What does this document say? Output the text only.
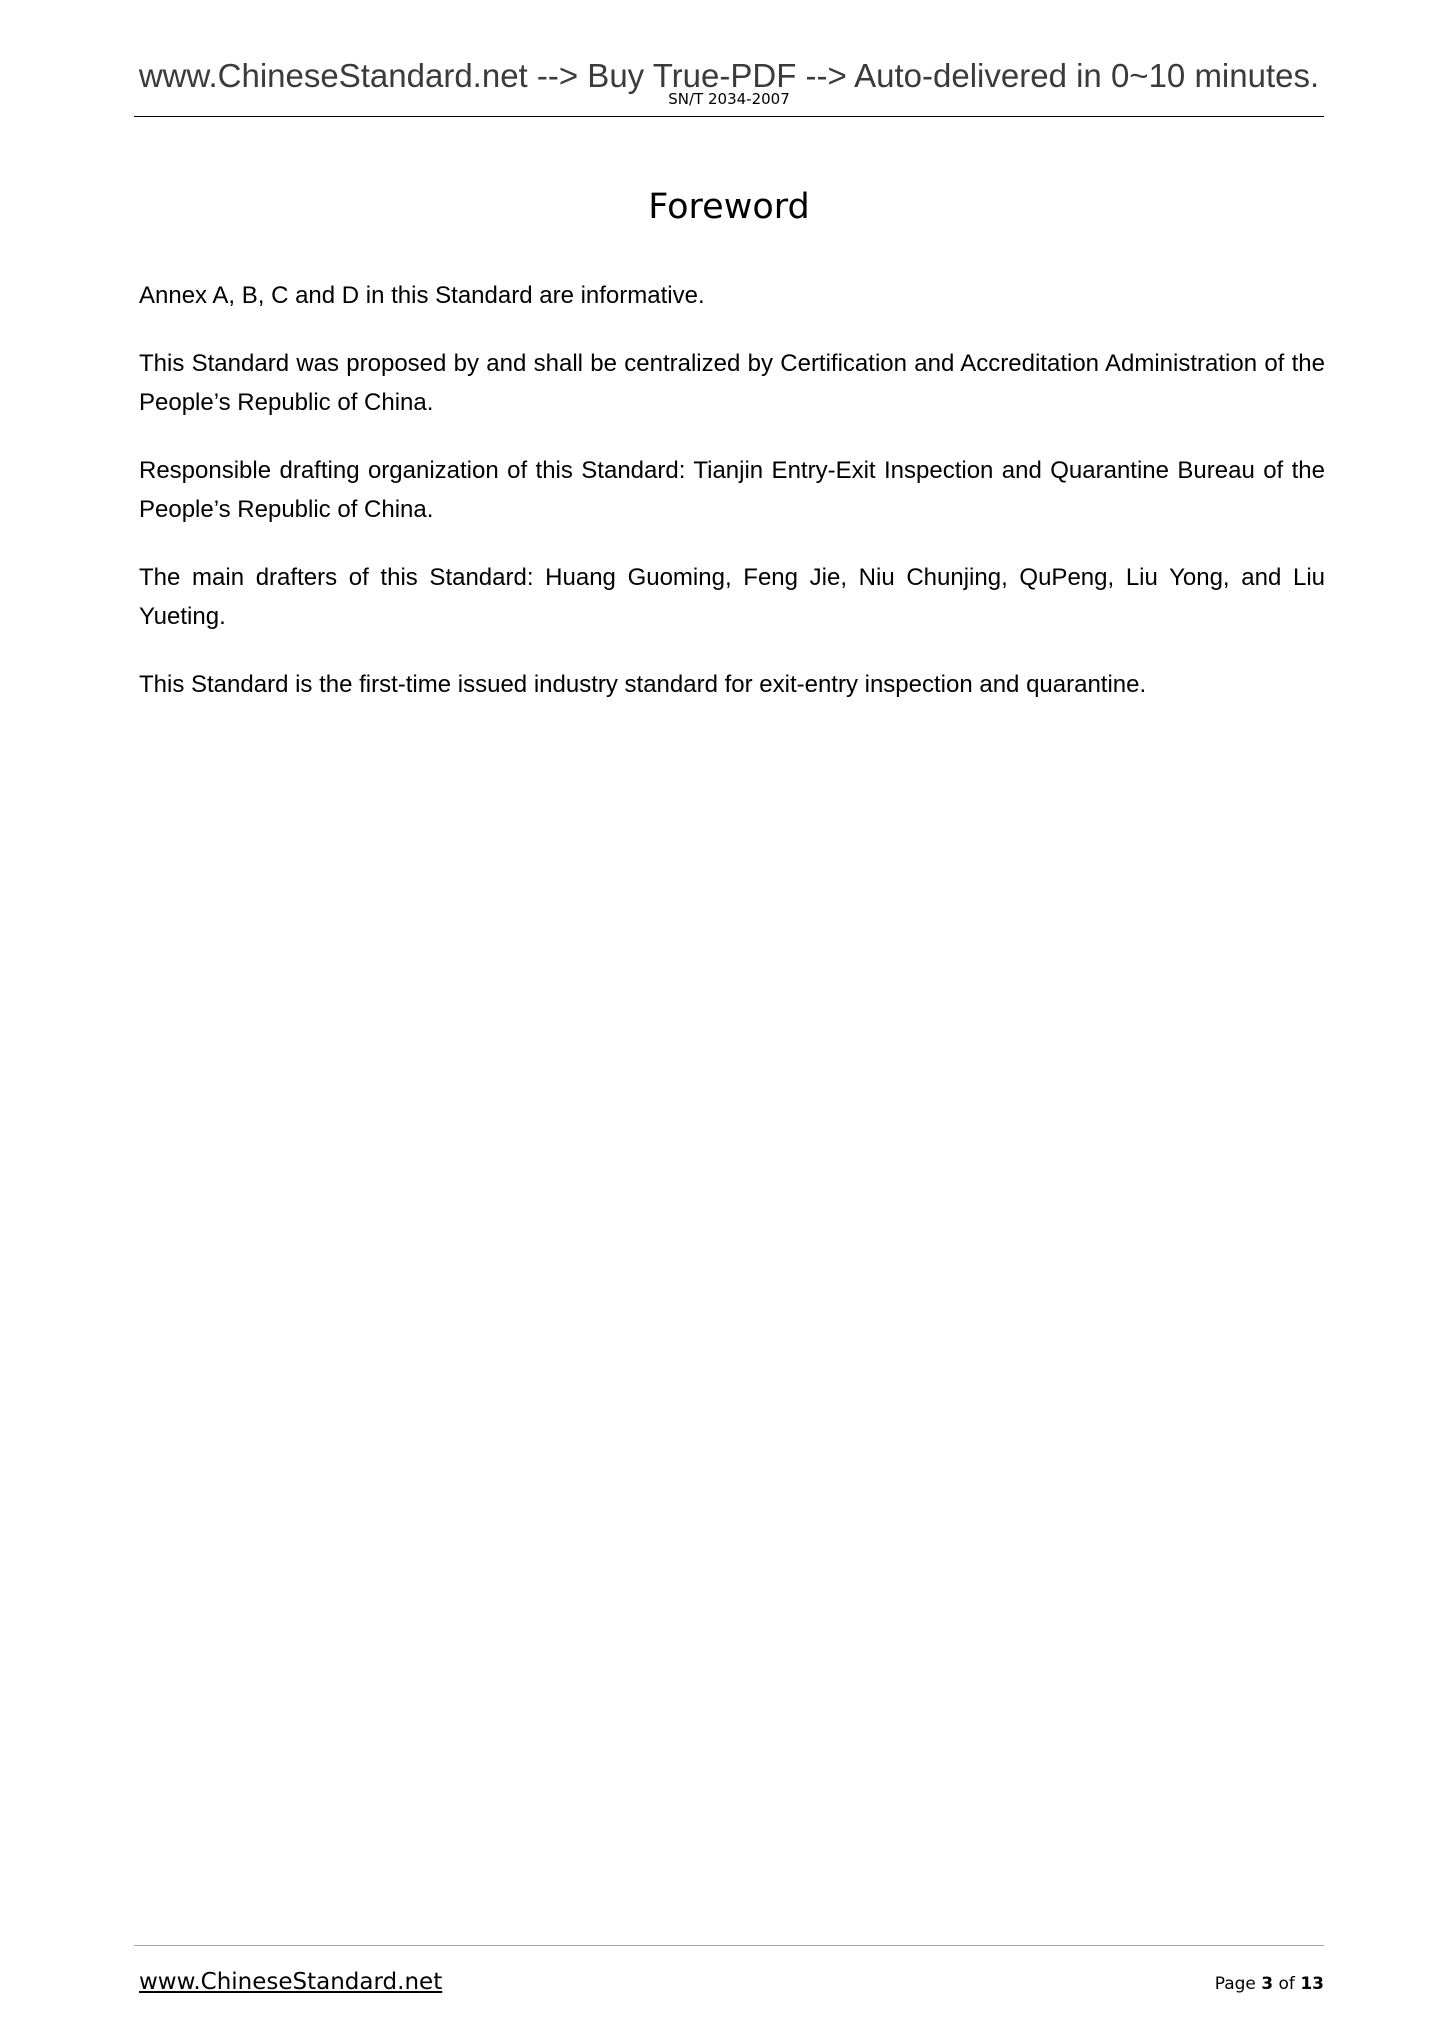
www.ChineseStandard.net --> Buy True-PDF --> Auto-delivered in 0~10 minutes.
SN/T 2034-2007
Foreword

Annex A, B, C and D in this Standard are informative.

This Standard was proposed by and shall be centralized by Certification and Accreditation Administration of the People’s Republic of China.

Responsible drafting organization of this Standard: Tianjin Entry-Exit Inspection and Quarantine Bureau of the People’s Republic of China.

The main drafters of this Standard: Huang Guoming, Feng Jie, Niu Chunjing, QuPeng, Liu Yong, and Liu Yueting.

This Standard is the first-time issued industry standard for exit-entry inspection and quarantine.

www.ChineseStandard.net	Page 3 of 13
